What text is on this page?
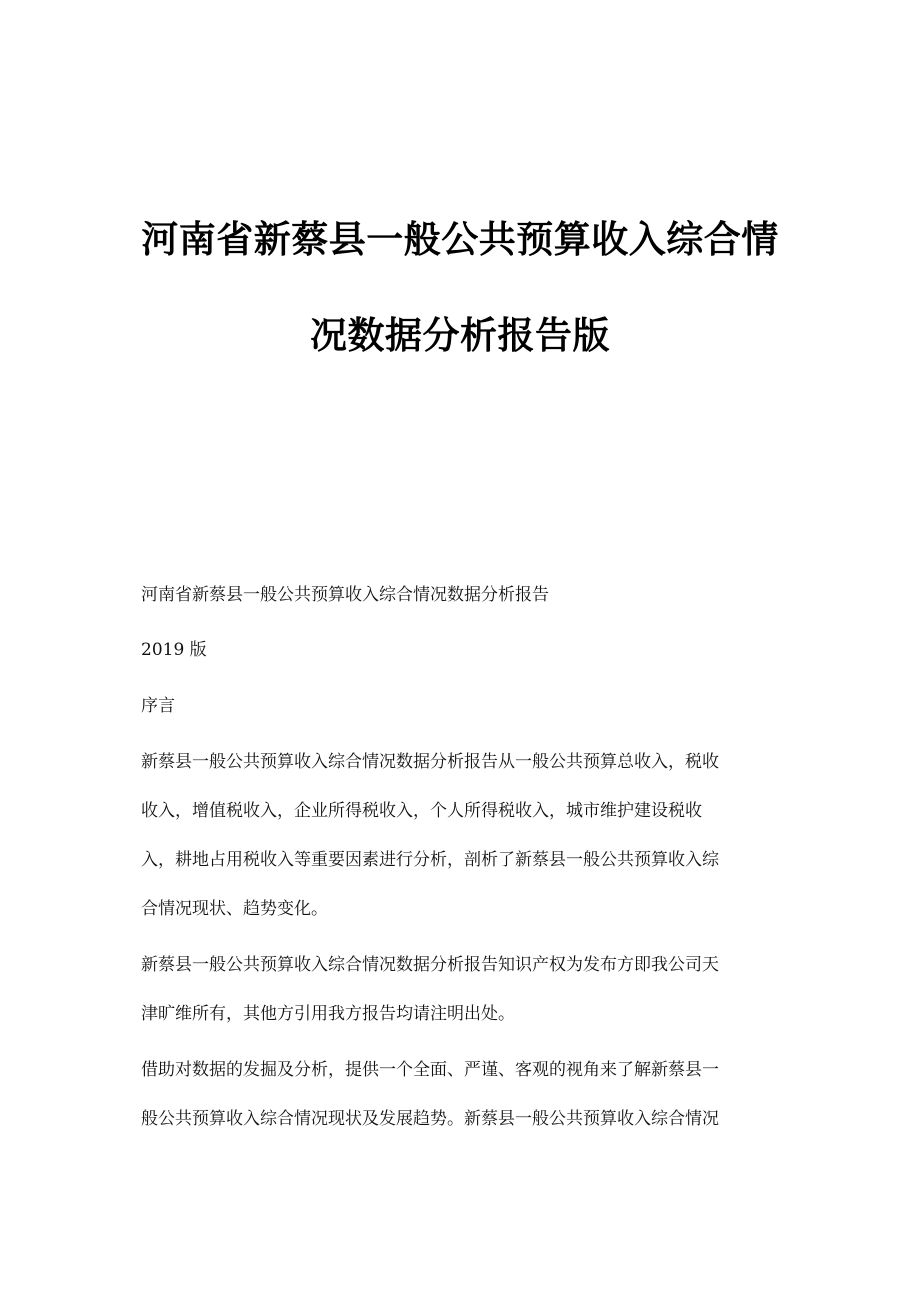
河南省新蔡县一般公共预算收入综合情
况数据分析报告版

河南省新蔡县一般公共预算收入综合情况数据分析报告

2019 版

序言

新蔡县一般公共预算收入综合情况数据分析报告从一般公共预算总收入，税收

收入，增值税收入，企业所得税收入，个人所得税收入，城市维护建设税收

入，耕地占用税收入等重要因素进行分析，剖析了新蔡县一般公共预算收入综

合情况现状、趋势变化。

新蔡县一般公共预算收入综合情况数据分析报告知识产权为发布方即我公司天

津旷维所有，其他方引用我方报告均请注明出处。

借助对数据的发掘及分析，提供一个全面、严谨、客观的视角来了解新蔡县一

般公共预算收入综合情况现状及发展趋势。新蔡县一般公共预算收入综合情况
